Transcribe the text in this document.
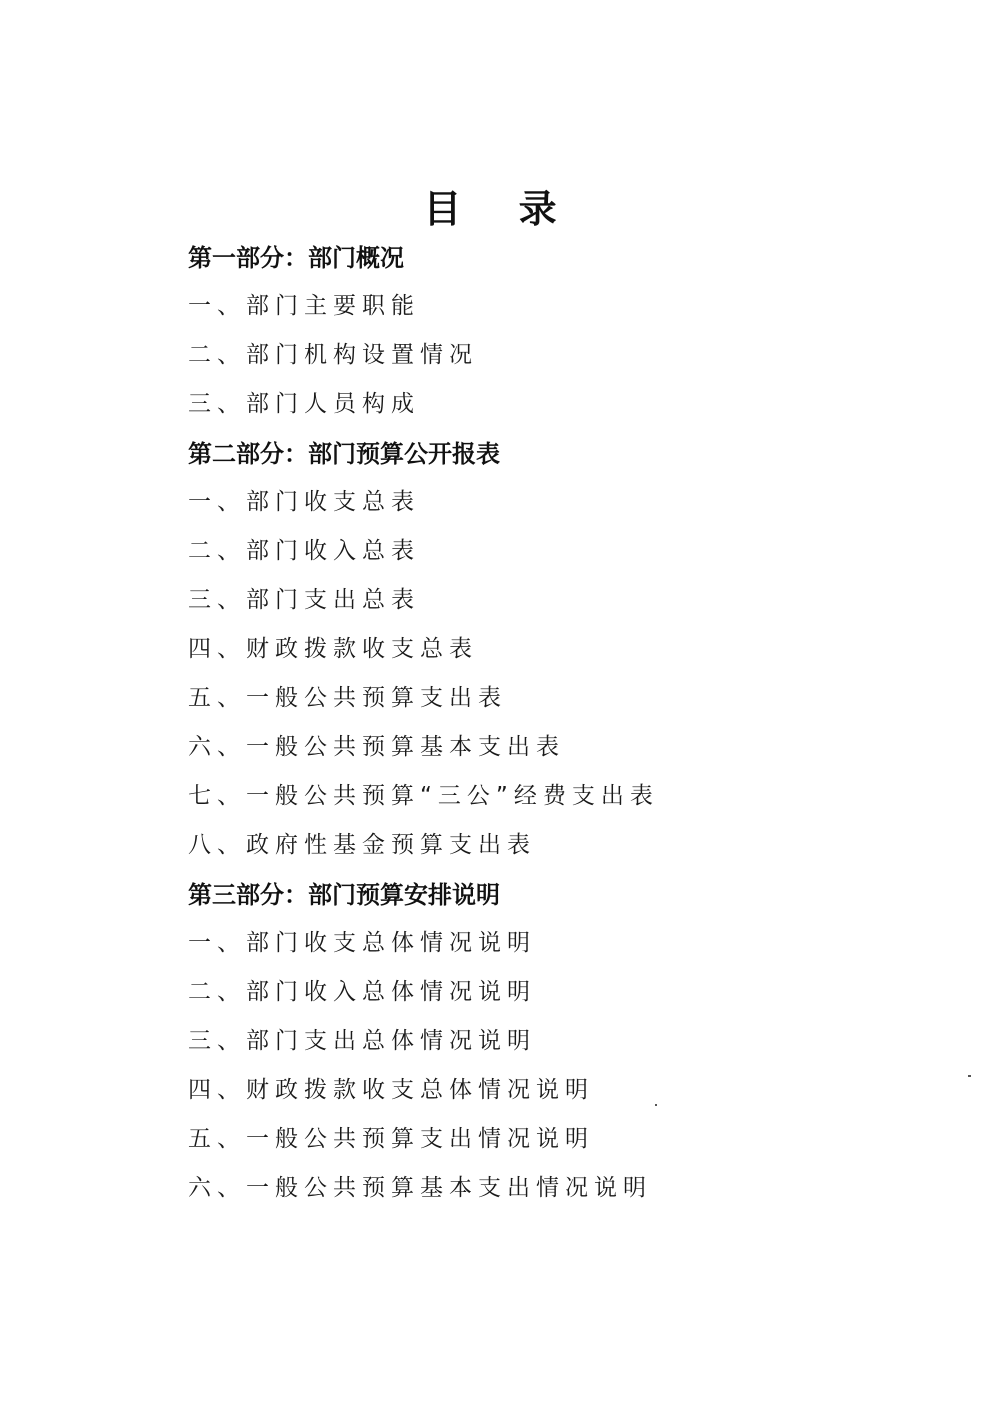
目 录
第一部分：部门概况
一、部门主要职能
二、部门机构设置情况
三、部门人员构成
第二部分：部门预算公开报表
一、部门收支总表
二、部门收入总表
三、部门支出总表
四、财政拨款收支总表
五、一般公共预算支出表
六、一般公共预算基本支出表
七、一般公共预算“三公”经费支出表
八、政府性基金预算支出表
第三部分：部门预算安排说明
一、部门收支总体情况说明
二、部门收入总体情况说明
三、部门支出总体情况说明
四、财政拨款收支总体情况说明
五、一般公共预算支出情况说明
六、一般公共预算基本支出情况说明
